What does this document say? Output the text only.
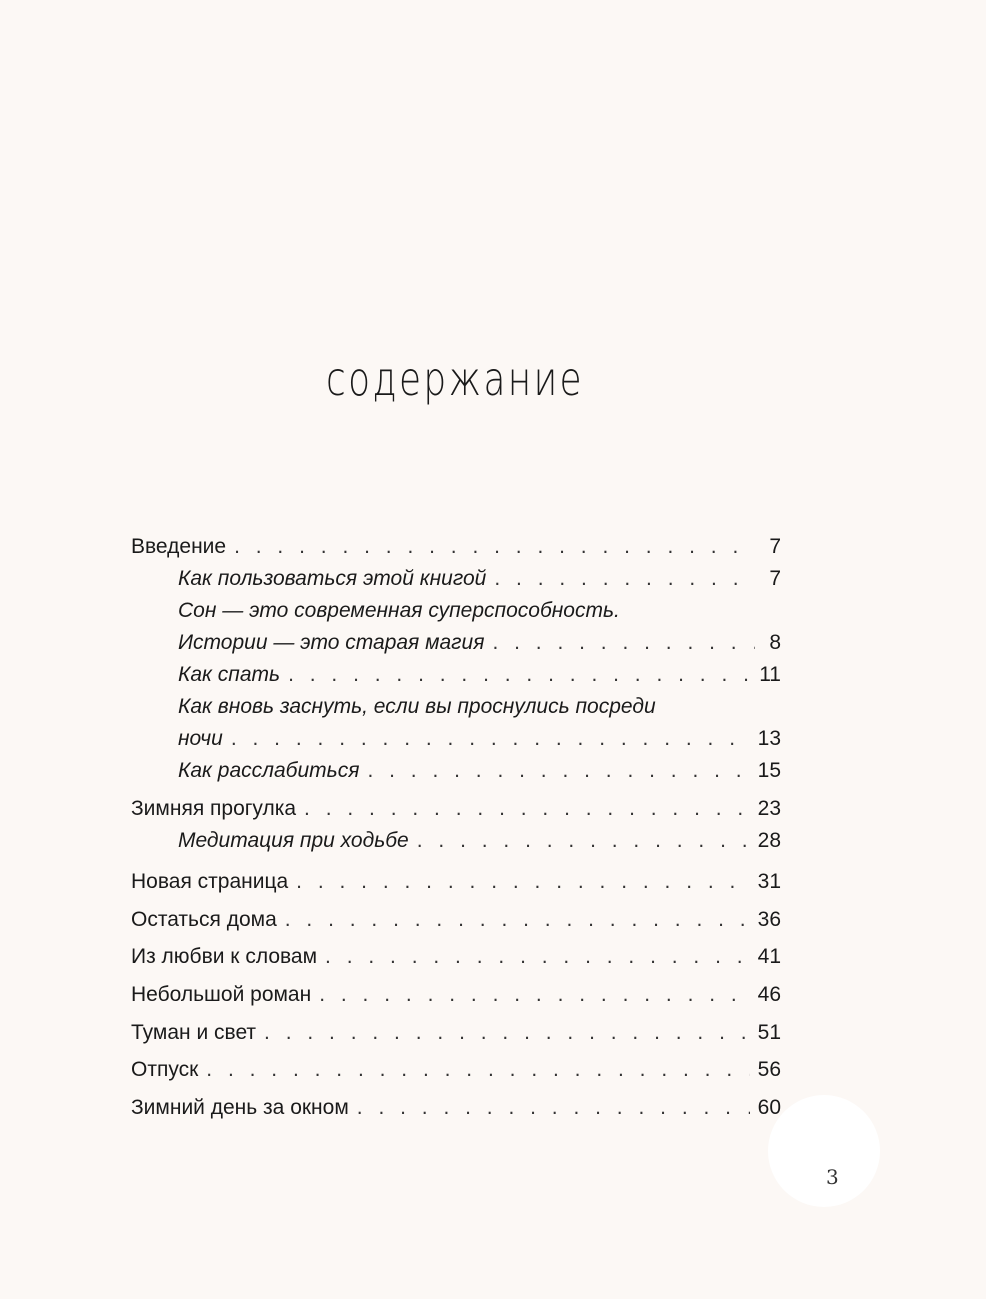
содержание
Введение . . .	7
Как пользоваться этой книгой . . .	7
Сон — это современная суперспособность.
Истории — это старая магия . . .	8
Как спать . . .	11
Как вновь заснуть, если вы проснулись посреди
ночи . . .	13
Как расслабиться . . .	15
Зимняя прогулка . . .	23
Медитация при ходьбе . . .	28
Новая страница . . .	31
Остаться дома . . .	36
Из любви к словам . . .	41
Небольшой роман . . .	46
Туман и свет . . .	51
Отпуск . . .	56
Зимний день за окном . . .	60
3
